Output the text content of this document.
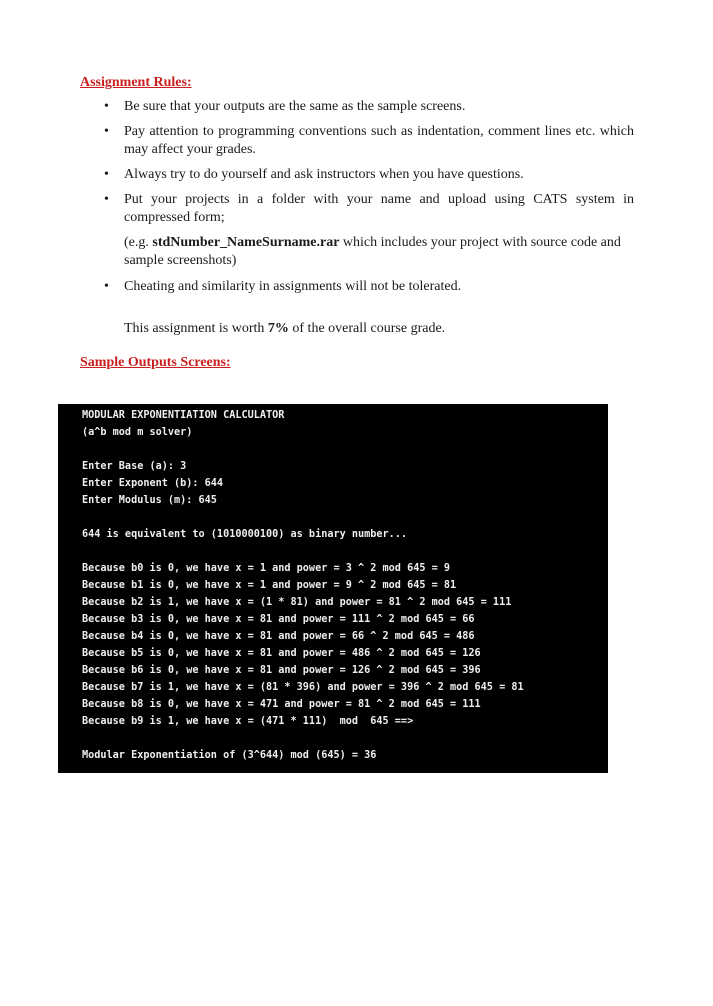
Assignment Rules:

• Be sure that your outputs are the same as the sample screens.
• Pay attention to programming conventions such as indentation, comment lines etc. which may affect your grades.
• Always try to do yourself and ask instructors when you have questions.
• Put your projects in a folder with your name and upload using CATS system in compressed form;
(e.g. stdNumber_NameSurname.rar which includes your project with source code and sample screenshots)
• Cheating and similarity in assignments will not be tolerated.

This assignment is worth 7% of the overall course grade.

Sample Outputs Screens:

MODULAR EXPONENTIATION CALCULATOR
(a^b mod m solver)
Enter Base (a): 3
Enter Exponent (b): 644
Enter Modulus (m): 645
644 is equivalent to (1010000100) as binary number...
Because b0 is 0, we have x = 1 and power = 3 ^ 2 mod 645 = 9
Because b1 is 0, we have x = 1 and power = 9 ^ 2 mod 645 = 81
Because b2 is 1, we have x = (1 * 81) and power = 81 ^ 2 mod 645 = 111
Because b3 is 0, we have x = 81 and power = 111 ^ 2 mod 645 = 66
Because b4 is 0, we have x = 81 and power = 66 ^ 2 mod 645 = 486
Because b5 is 0, we have x = 81 and power = 486 ^ 2 mod 645 = 126
Because b6 is 0, we have x = 81 and power = 126 ^ 2 mod 645 = 396
Because b7 is 1, we have x = (81 * 396) and power = 396 ^ 2 mod 645 = 81
Because b8 is 0, we have x = 471 and power = 81 ^ 2 mod 645 = 111
Because b9 is 1, we have x = (471 * 111)  mod  645 ==>
Modular Exponentiation of (3^644) mod (645) = 36
